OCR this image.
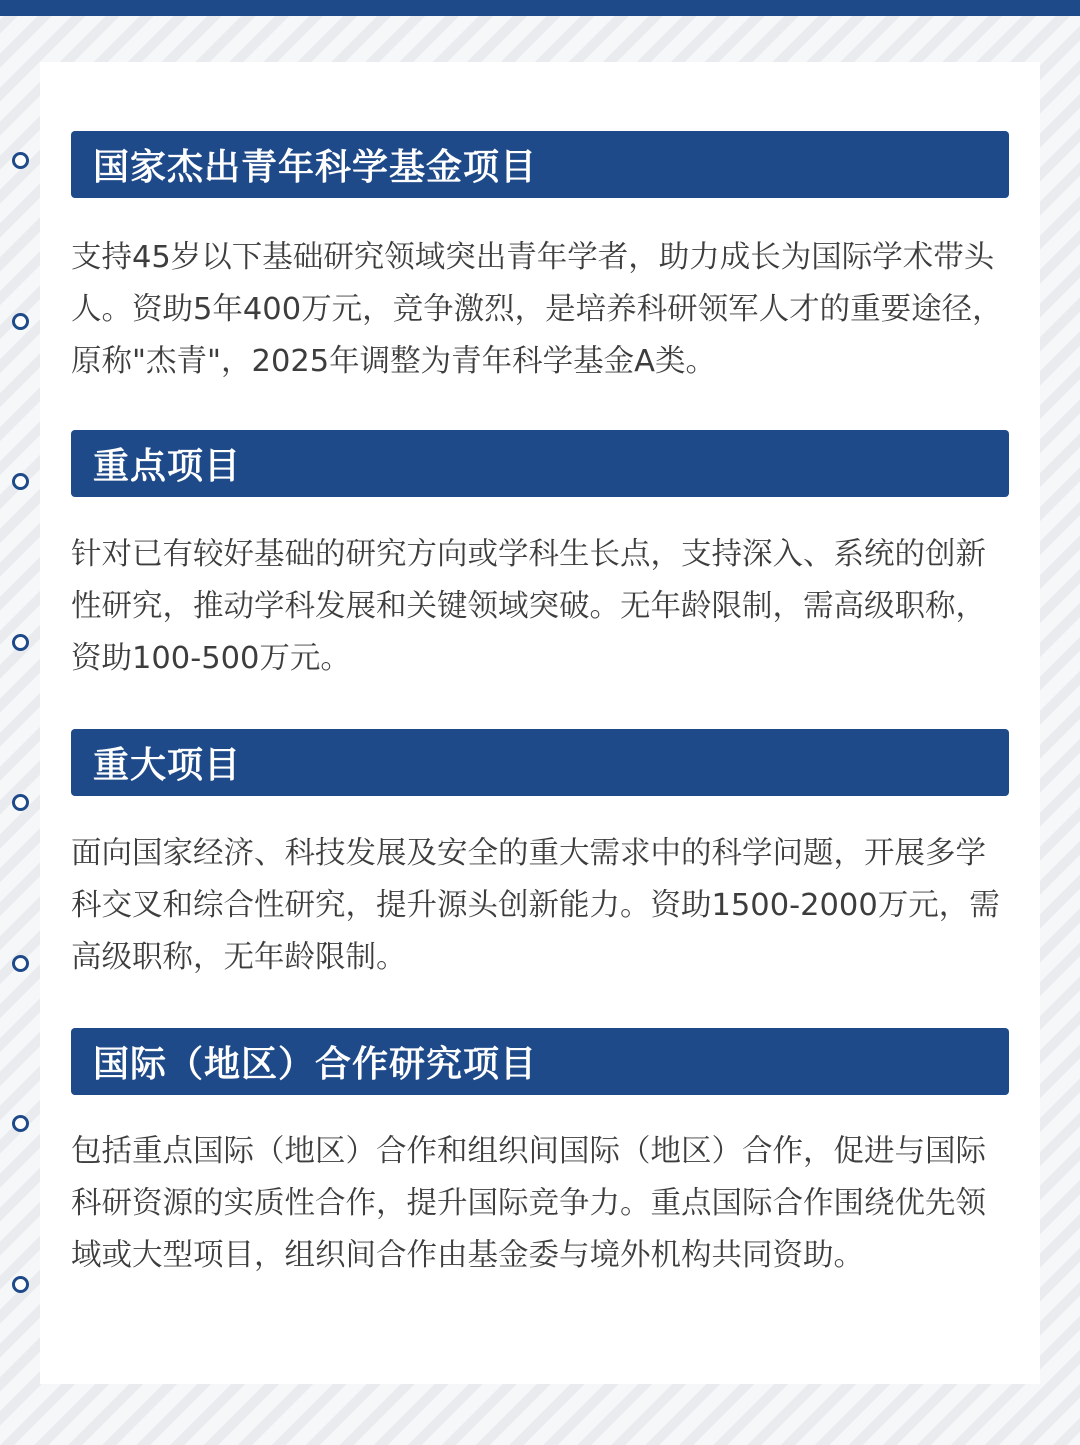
国家杰出青年科学基金项目

支持45岁以下基础研究领域突出青年学者，助力成长为国际学术带头人。资助5年400万元，竞争激烈，是培养科研领军人才的重要途径，原称"杰青"，2025年调整为青年科学基金A类。

重点项目

针对已有较好基础的研究方向或学科生长点，支持深入、系统的创新性研究，推动学科发展和关键领域突破。无年龄限制，需高级职称，资助100-500万元。

重大项目

面向国家经济、科技发展及安全的重大需求中的科学问题，开展多学科交叉和综合性研究，提升源头创新能力。资助1500-2000万元，需高级职称，无年龄限制。

国际（地区）合作研究项目

包括重点国际（地区）合作和组织间国际（地区）合作，促进与国际科研资源的实质性合作，提升国际竞争力。重点国际合作围绕优先领域或大型项目，组织间合作由基金委与境外机构共同资助。
